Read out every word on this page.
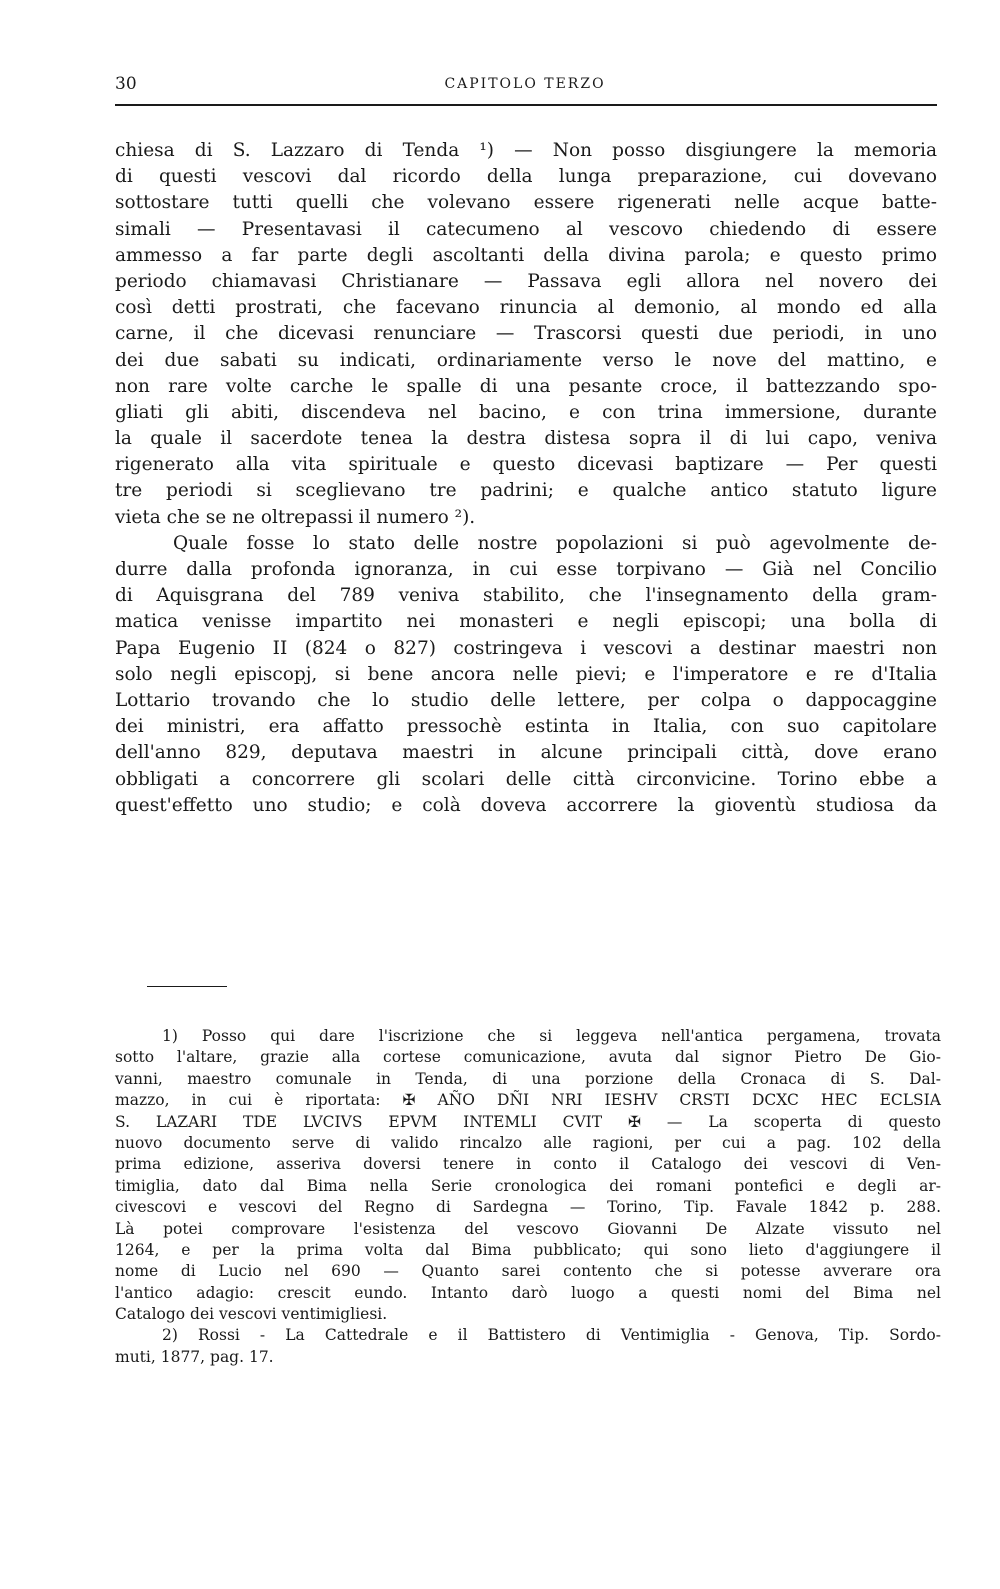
30	CAPITOLO TERZO
chiesa di S. Lazzaro di Tenda ¹) — Non posso disgiungere la memoria
di questi vescovi dal ricordo della lunga preparazione, cui dovevano
sottostare tutti quelli che volevano essere rigenerati nelle acque batte-
simali — Presentavasi il catecumeno al vescovo chiedendo di essere
ammesso a far parte degli ascoltanti della divina parola; e questo primo
periodo chiamavasi Christianare — Passava egli allora nel novero dei
così detti prostrati, che facevano rinuncia al demonio, al mondo ed alla
carne, il che dicevasi renunciare — Trascorsi questi due periodi, in uno
dei due sabati su indicati, ordinariamente verso le nove del mattino, e
non rare volte carche le spalle di una pesante croce, il battezzando spo-
gliati gli abiti, discendeva nel bacino, e con trina immersione, durante
la quale il sacerdote tenea la destra distesa sopra il di lui capo, veniva
rigenerato alla vita spirituale e questo dicevasi baptizare — Per questi
tre periodi si sceglievano tre padrini; e qualche antico statuto ligure
vieta che se ne oltrepassi il numero ²).
Quale fosse lo stato delle nostre popolazioni si può agevolmente de-
durre dalla profonda ignoranza, in cui esse torpivano — Già nel Concilio
di Aquisgrana del 789 veniva stabilito, che l'insegnamento della gram-
matica venisse impartito nei monasteri e negli episcopi; una bolla di
Papa Eugenio II (824 o 827) costringeva i vescovi a destinar maestri non
solo negli episcopj, si bene ancora nelle pievi; e l'imperatore e re d'Italia
Lottario trovando che lo studio delle lettere, per colpa o dappocaggine
dei ministri, era affatto pressochè estinta in Italia, con suo capitolare
dell'anno 829, deputava maestri in alcune principali città, dove erano
obbligati a concorrere gli scolari delle città circonvicine. Torino ebbe a
quest'effetto uno studio; e colà doveva accorrere la gioventù studiosa da
1) Posso qui dare l'iscrizione che si leggeva nell'antica pergamena, trovata
sotto l'altare, grazie alla cortese comunicazione, avuta dal signor Pietro De Gio-
vanni, maestro comunale in Tenda, di una porzione della Cronaca di S. Dal-
mazzo, in cui è riportata: ✠ AÑO DÑI NRI IESHV CRSTI DCXC HEC ECLSIA
S. LAZARI TDE LVCIVS EPVM INTEMLI CVIT ✠ — La scoperta di questo
nuovo documento serve di valido rincalzo alle ragioni, per cui a pag. 102 della
prima edizione, asseriva doversi tenere in conto il Catalogo dei vescovi di Ven-
timiglia, dato dal Bima nella Serie cronologica dei romani pontefici e degli ar-
civescovi e vescovi del Regno di Sardegna — Torino, Tip. Favale 1842 p. 288.
Là potei comprovare l'esistenza del vescovo Giovanni De Alzate vissuto nel
1264, e per la prima volta dal Bima pubblicato; qui sono lieto d'aggiungere il
nome di Lucio nel 690 — Quanto sarei contento che si potesse avverare ora
l'antico adagio: crescit eundo. Intanto darò luogo a questi nomi del Bima nel
Catalogo dei vescovi ventimigliesi.
2) Rossi - La Cattedrale e il Battistero di Ventimiglia - Genova, Tip. Sordo-
muti, 1877, pag. 17.
